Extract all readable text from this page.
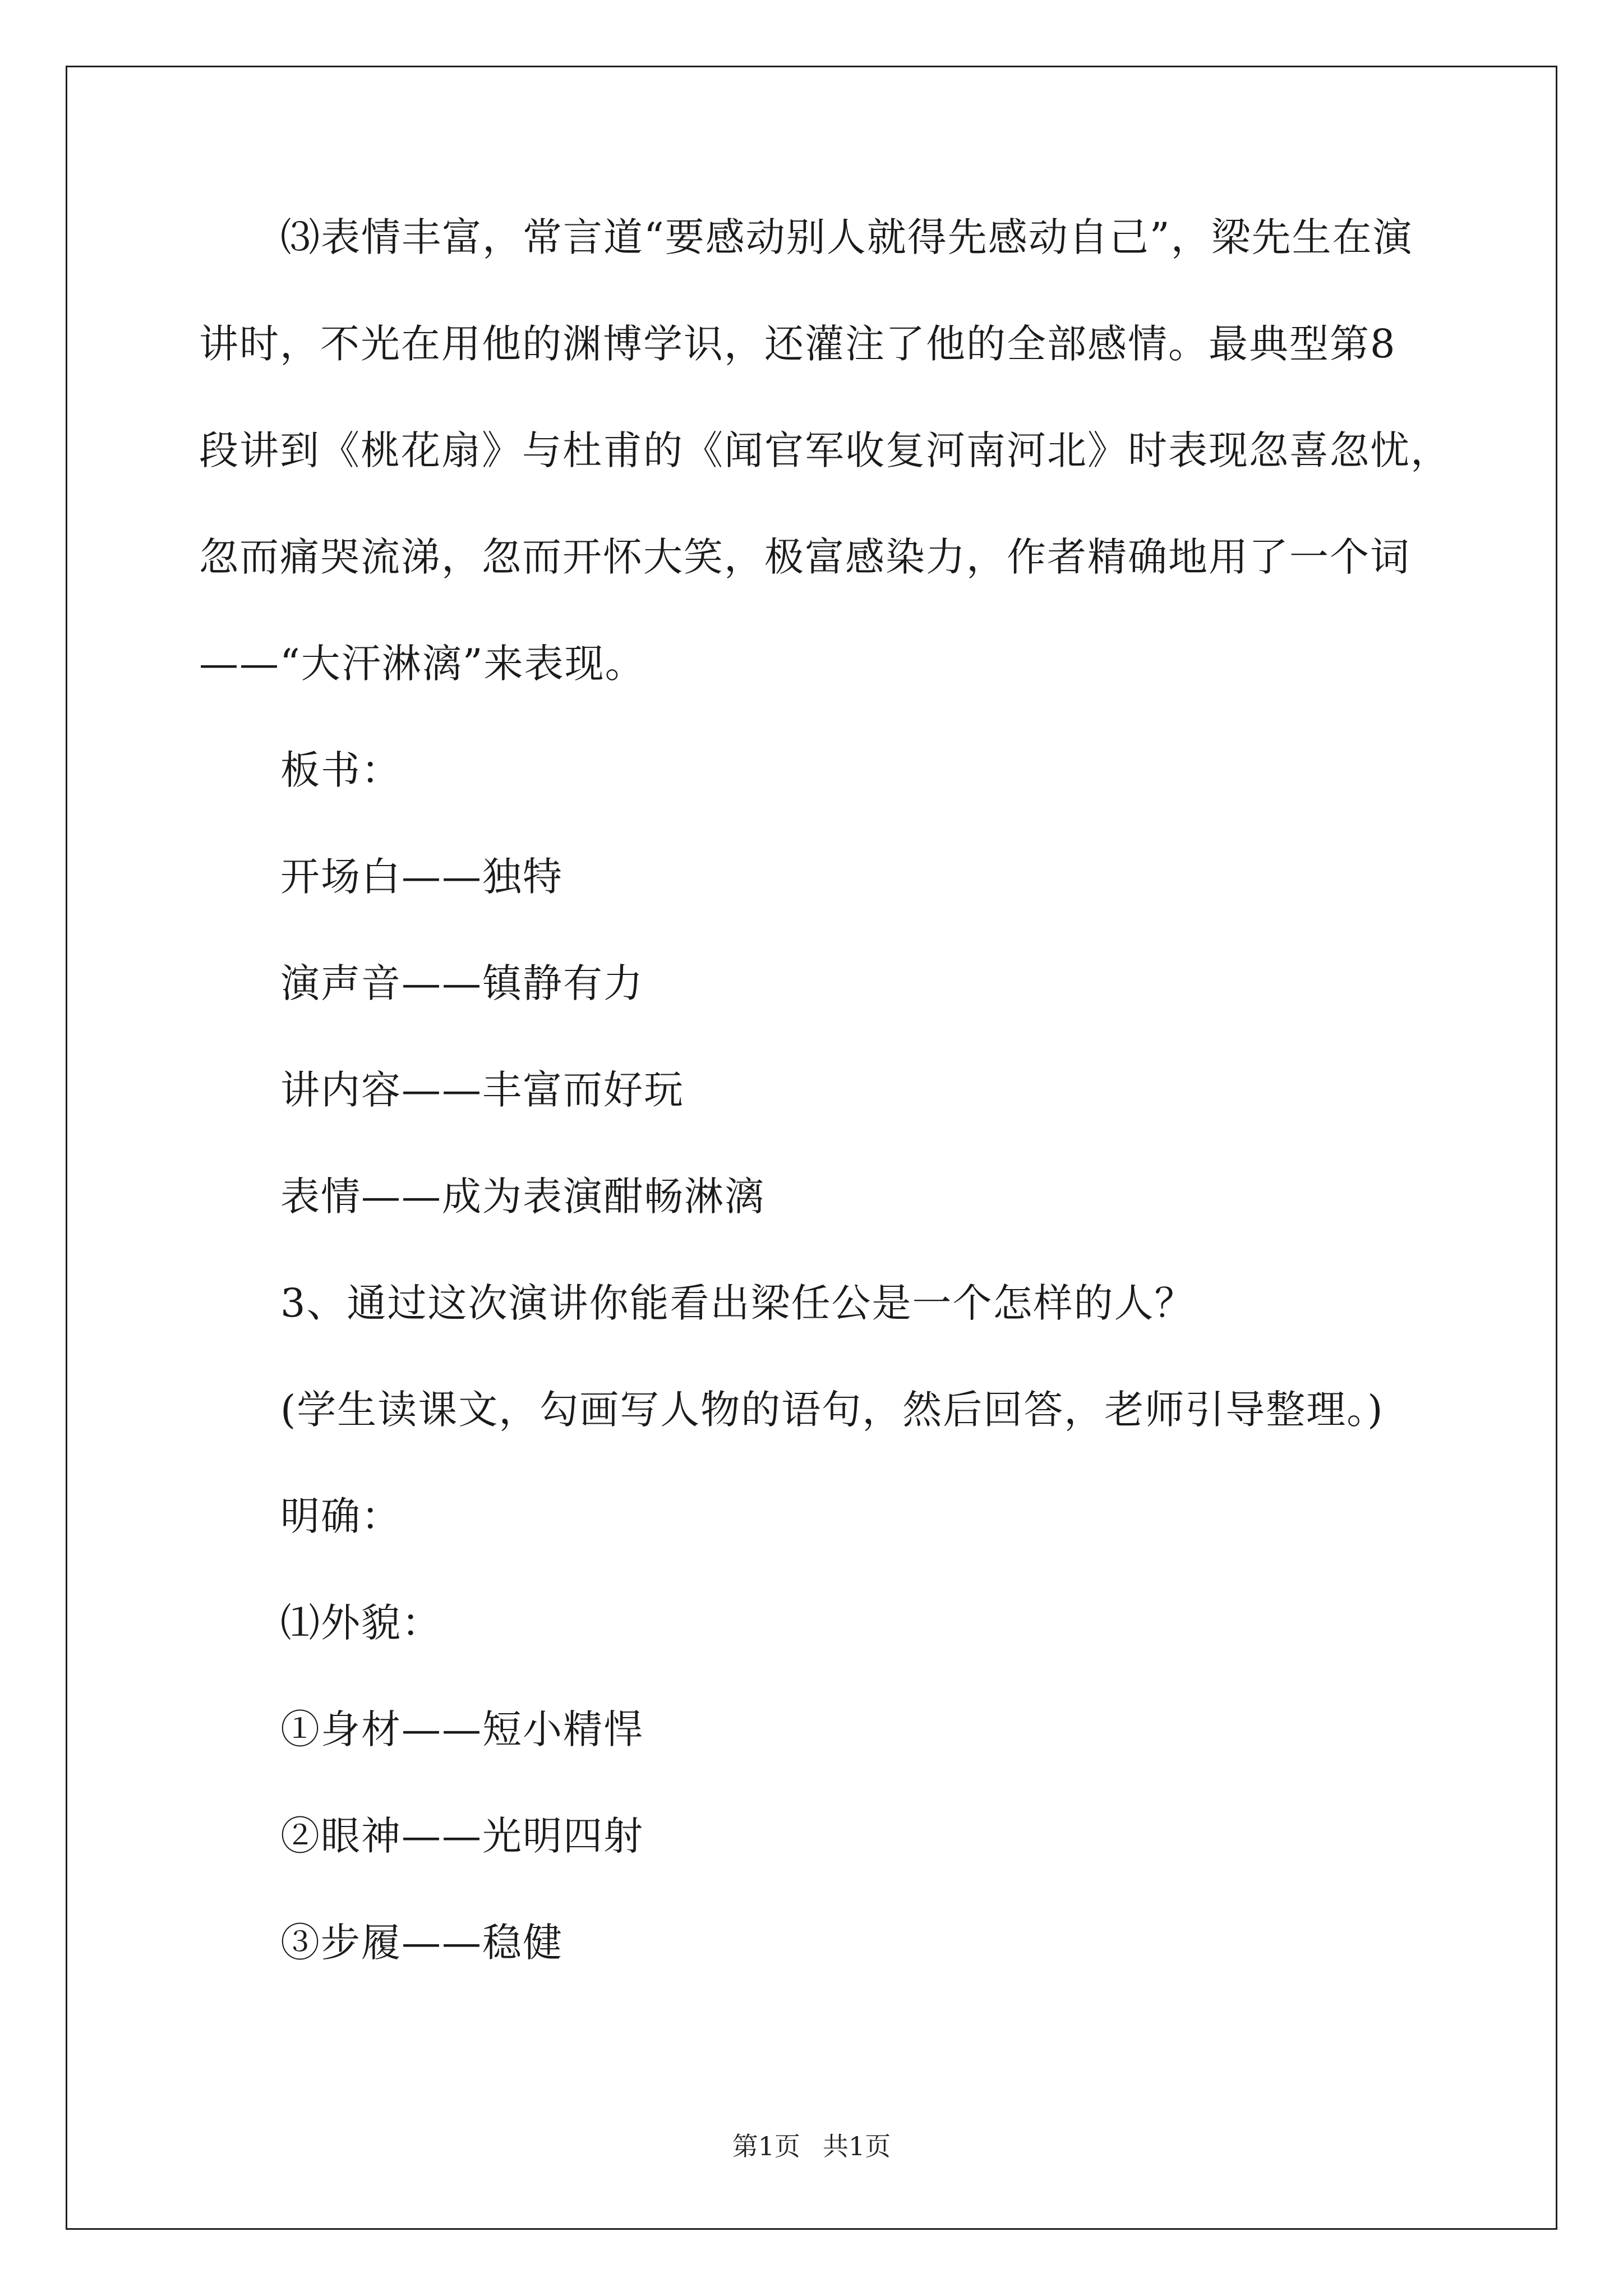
⑶表情丰富，常言道“要感动别人就得先感动自己”，梁先生在演
讲时，不光在用他的渊博学识，还灌注了他的全部感情。最典型第8
段讲到《桃花扇》与杜甫的《闻官军收复河南河北》时表现忽喜忽忧，
忽而痛哭流涕，忽而开怀大笑，极富感染力，作者精确地用了一个词
——“大汗淋漓”来表现。
板书：
开场白——独特
演声音——镇静有力
讲内容——丰富而好玩
表情——成为表演酣畅淋漓
3、通过这次演讲你能看出梁任公是一个怎样的人？
(学生读课文，勾画写人物的语句，然后回答，老师引导整理。)
明确：
⑴外貌：
①身材——短小精悍
②眼神——光明四射
③步履——稳健
第1页 共1页
